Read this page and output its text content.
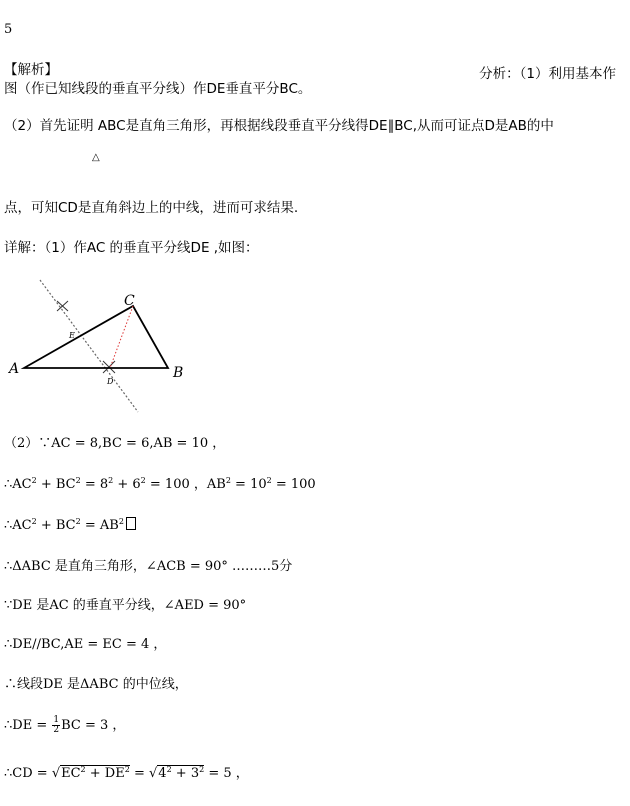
5
【解析】	分析：（1）利用基本作
图（作已知线段的垂直平分线）作DE垂直平分BC。
（2）首先证明 ABC是直角三角形，再根据线段垂直平分线得DE∥BC,从而可证点D是AB的中
△
点，可知CD是直角斜边上的中线，进而可求结果.
详解：（1）作AC 的垂直平分线DE ,如图：
A	B
C
D
E
（2）∵AC = 8,BC = 6,AB = 10 ，
$\therefore AC^2 + BC^2 = 8^2 + 6^2 = 100$ ，$AB^2 = 10^2 = 100$
$\therefore AC^2 + BC^2 = AB^2$
∴ΔABC 是直角三角形，∠ACB = 90° ………5分
∵DE 是AC 的垂直平分线，∠AED = 90°
∴DE//BC,AE = EC = 4 ，
∴线段DE 是ΔABC 的中位线，
∴DE = $\frac{1}{2}$ BC = 3 ，
∴CD = $√EC^2 + DE^2 = √4^2 + 3^2 = 5$ ，
